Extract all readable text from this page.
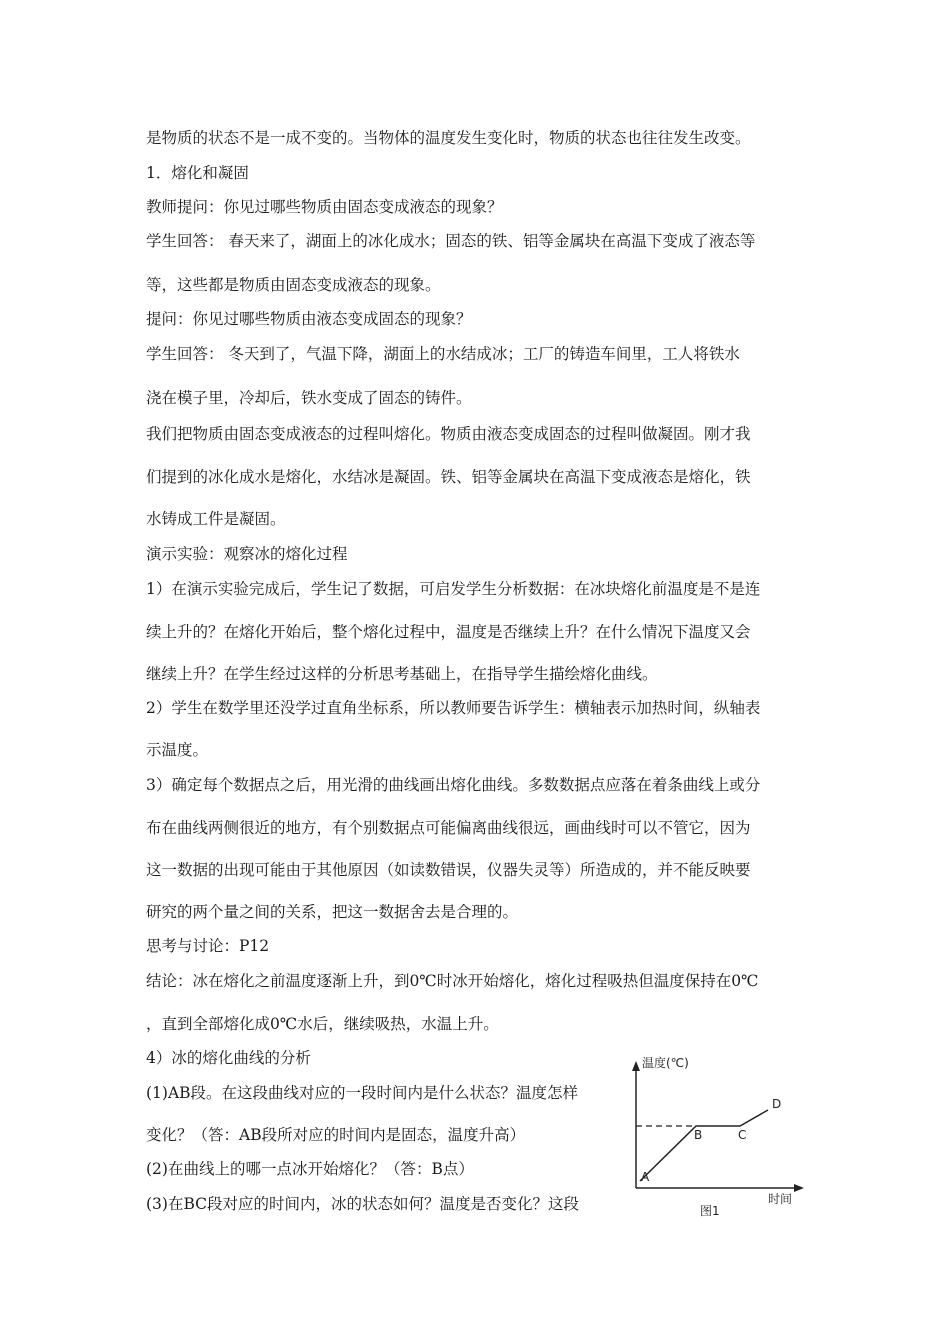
是物质的状态不是一成不变的。当物体的温度发生变化时，物质的状态也往往发生改变。
1．熔化和凝固
教师提问：你见过哪些物质由固态变成液态的现象？
学生回答： 春天来了，湖面上的冰化成水；固态的铁、铝等金属块在高温下变成了液态等
等，这些都是物质由固态变成液态的现象。
提问：你见过哪些物质由液态变成固态的现象？
学生回答： 冬天到了，气温下降，湖面上的水结成冰；工厂的铸造车间里，工人将铁水
浇在模子里，冷却后，铁水变成了固态的铸件。
我们把物质由固态变成液态的过程叫熔化。物质由液态变成固态的过程叫做凝固。刚才我
们提到的冰化成水是熔化，水结冰是凝固。铁、铝等金属块在高温下变成液态是熔化，铁
水铸成工件是凝固。
演示实验：观察冰的熔化过程
1）在演示实验完成后，学生记了数据，可启发学生分析数据：在冰块熔化前温度是不是连
续上升的？在熔化开始后，整个熔化过程中，温度是否继续上升？在什么情况下温度又会
继续上升？在学生经过这样的分析思考基础上，在指导学生描绘熔化曲线。
2）学生在数学里还没学过直角坐标系，所以教师要告诉学生：横轴表示加热时间，纵轴表
示温度。
3）确定每个数据点之后，用光滑的曲线画出熔化曲线。多数数据点应落在着条曲线上或分
布在曲线两侧很近的地方，有个别数据点可能偏离曲线很远，画曲线时可以不管它，因为
这一数据的出现可能由于其他原因（如读数错误，仪器失灵等）所造成的，并不能反映要
研究的两个量之间的关系，把这一数据舍去是合理的。
思考与讨论：P12
结论：冰在熔化之前温度逐渐上升，到0℃时冰开始熔化，熔化过程吸热但温度保持在0℃
，直到全部熔化成0℃水后，继续吸热，水温上升。
4）冰的熔化曲线的分析
(1)AB段。在这段曲线对应的一段时间内是什么状态？温度怎样
变化？（答：AB段所对应的时间内是固态，温度升高）
(2)在曲线上的哪一点冰开始熔化？（答：B点）
(3)在BC段对应的时间内，冰的状态如何？温度是否变化？这段
温度(℃)
时间
图1
A
B	C
D
